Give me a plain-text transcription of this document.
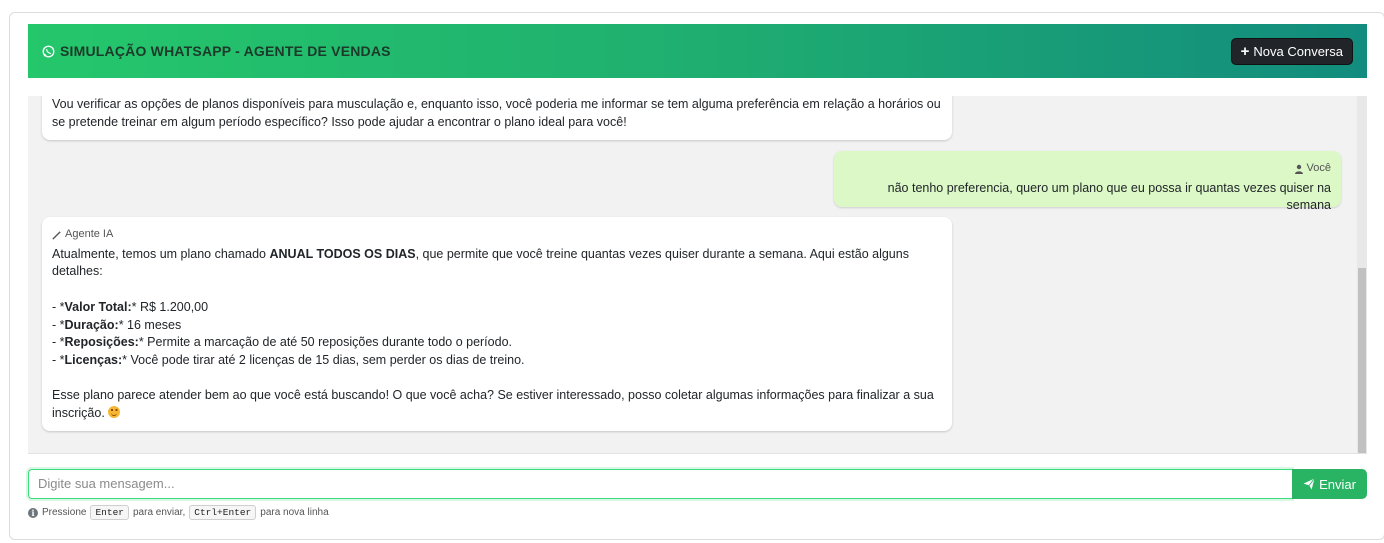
SIMULAÇÃO WHATSAPP - AGENTE DE VENDAS	+ Nova Conversa
Vou verificar as opções de planos disponíveis para musculação e, enquanto isso, você poderia me informar se tem alguma preferência em relação a horários ou
se pretende treinar em algum período específico? Isso pode ajudar a encontrar o plano ideal para você!
Você
não tenho preferencia, quero um plano que eu possa ir quantas vezes quiser na semana
Agente IA
Atualmente, temos um plano chamado ANUAL TODOS OS DIAS, que permite que você treine quantas vezes quiser durante a semana. Aqui estão alguns
detalhes:
- *Valor Total:* R$ 1.200,00
- *Duração:* 16 meses
- *Reposições:* Permite a marcação de até 50 reposições durante todo o período.
- *Licenças:* Você pode tirar até 2 licenças de 15 dias, sem perder os dias de treino.
Esse plano parece atender bem ao que você está buscando! O que você acha? Se estiver interessado, posso coletar algumas informações para finalizar a sua
inscrição.
Digite sua mensagem...
Enviar
i Pressione Enter para enviar, Ctrl+Enter para nova linha
